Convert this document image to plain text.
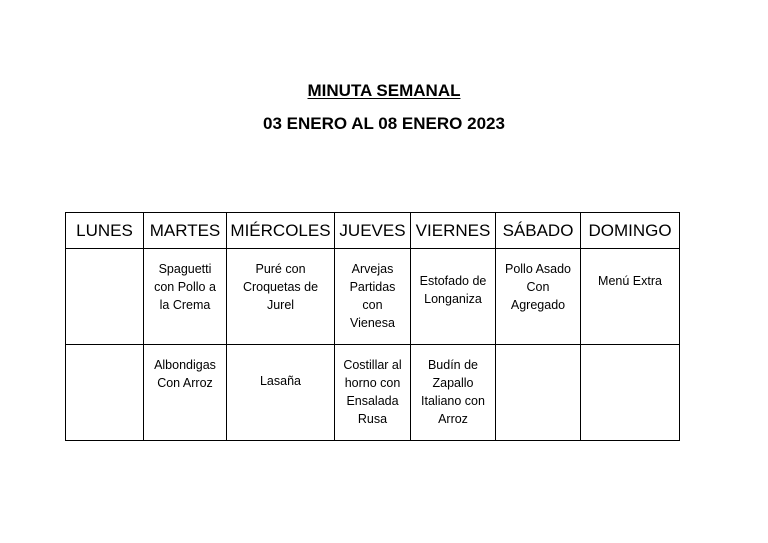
MINUTA SEMANAL
03 ENERO AL 08 ENERO 2023
LUNES	MARTES	MIÉRCOLES	JUEVES	VIERNES	SÁBADO	DOMINGO

	Spaguetti con Pollo a la Crema	Puré con Croquetas de Jurel	Arvejas Partidas con Vienesa	Estofado de Longaniza	Pollo Asado Con Agregado	Menú Extra

	Albondigas Con Arroz	Lasaña	Costillar al horno con Ensalada Rusa	Budín de Zapallo Italiano con Arroz		
